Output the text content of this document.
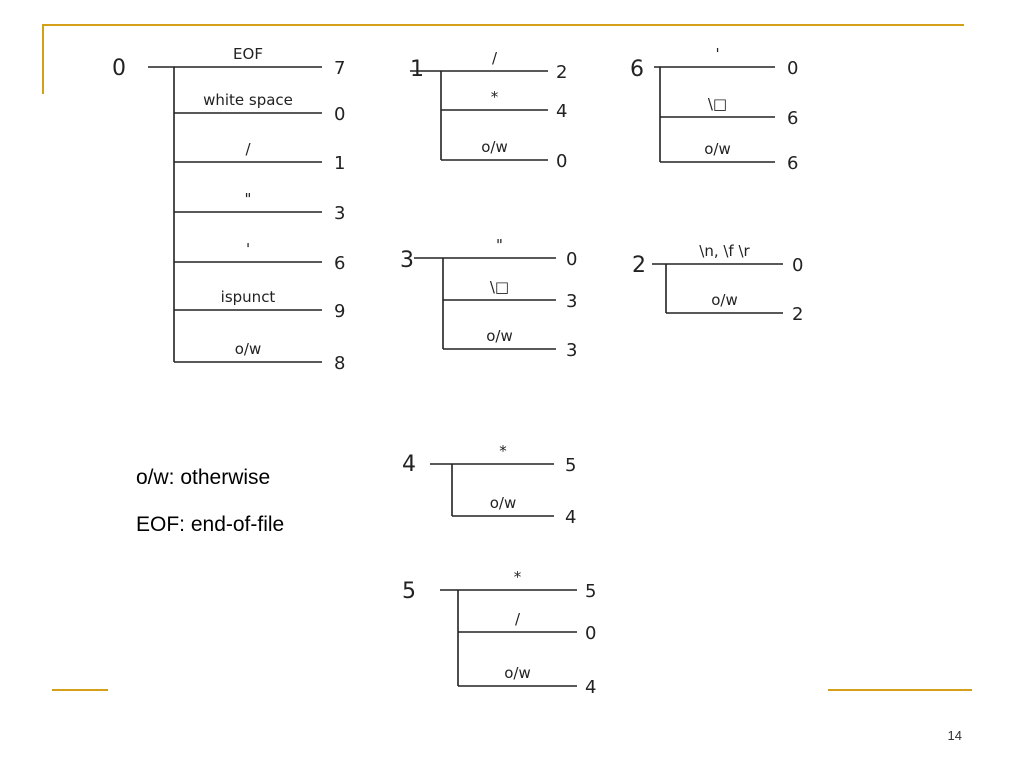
0
EOF
7
white space
0
/
1
"
3
'
6
ispunct
9
o/w
8
1	/
2
*
4
o/w
0
6
'
0
\□
6
o/w
6
3
"
0
\□
3
o/w
3
2
\n, \f \r
0
o/w
2
4
*
5
o/w
4
5
*
5
/
0
o/w
4
o/w: otherwise
EOF: end-of-file
14
